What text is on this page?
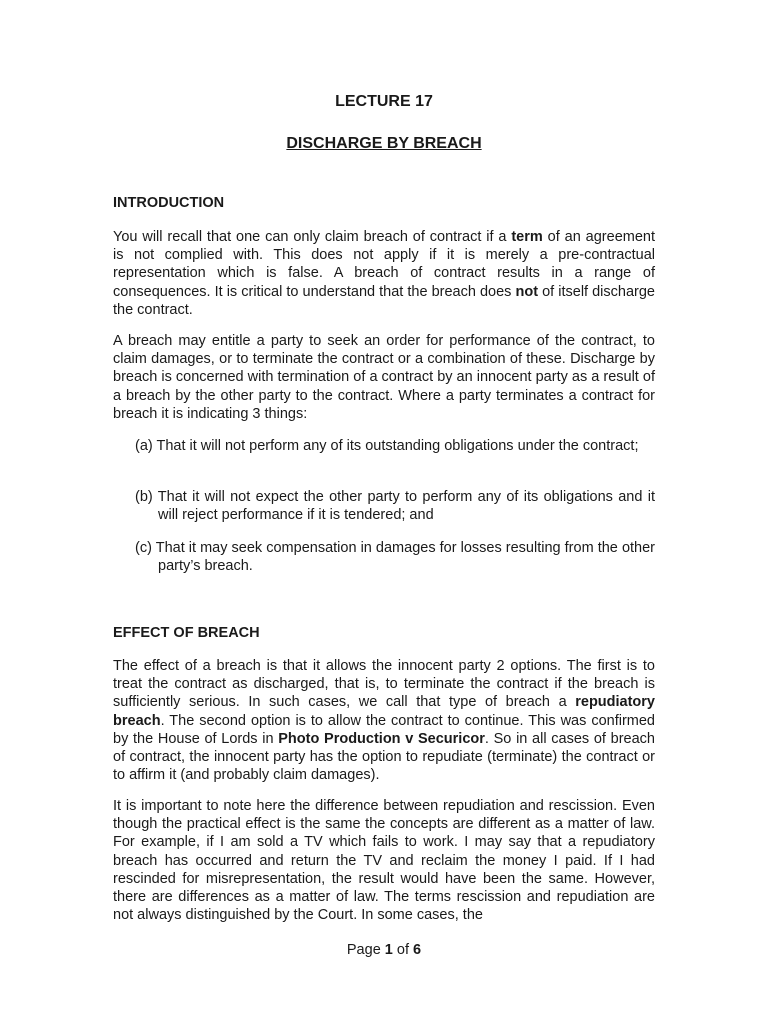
LECTURE 17
DISCHARGE BY BREACH
INTRODUCTION

You will recall that one can only claim breach of contract if a term of an agreement is not complied with. This does not apply if it is merely a pre-contractual representation which is false. A breach of contract results in a range of consequences. It is critical to understand that the breach does not of itself discharge the contract.

A breach may entitle a party to seek an order for performance of the contract, to claim damages, or to terminate the contract or a combination of these. Discharge by breach is concerned with termination of a contract by an innocent party as a result of a breach by the other party to the contract. Where a party terminates a contract for breach it is indicating 3 things:

(a) That it will not perform any of its outstanding obligations under the contract;
(b) That it will not expect the other party to perform any of its obligations and it will reject performance if it is tendered; and
(c) That it may seek compensation in damages for losses resulting from the other party’s breach.
EFFECT OF BREACH

The effect of a breach is that it allows the innocent party 2 options. The first is to treat the contract as discharged, that is, to terminate the contract if the breach is sufficiently serious. In such cases, we call that type of breach a repudiatory breach. The second option is to allow the contract to continue. This was confirmed by the House of Lords in Photo Production v Securicor. So in all cases of breach of contract, the innocent party has the option to repudiate (terminate) the contract or to affirm it (and probably claim damages).

It is important to note here the difference between repudiation and rescission. Even though the practical effect is the same the concepts are different as a matter of law. For example, if I am sold a TV which fails to work. I may say that a repudiatory breach has occurred and return the TV and reclaim the money I paid. If I had rescinded for misrepresentation, the result would have been the same. However, there are differences as a matter of law. The terms rescission and repudiation are not always distinguished by the Court. In some cases, the

Page 1 of 6
